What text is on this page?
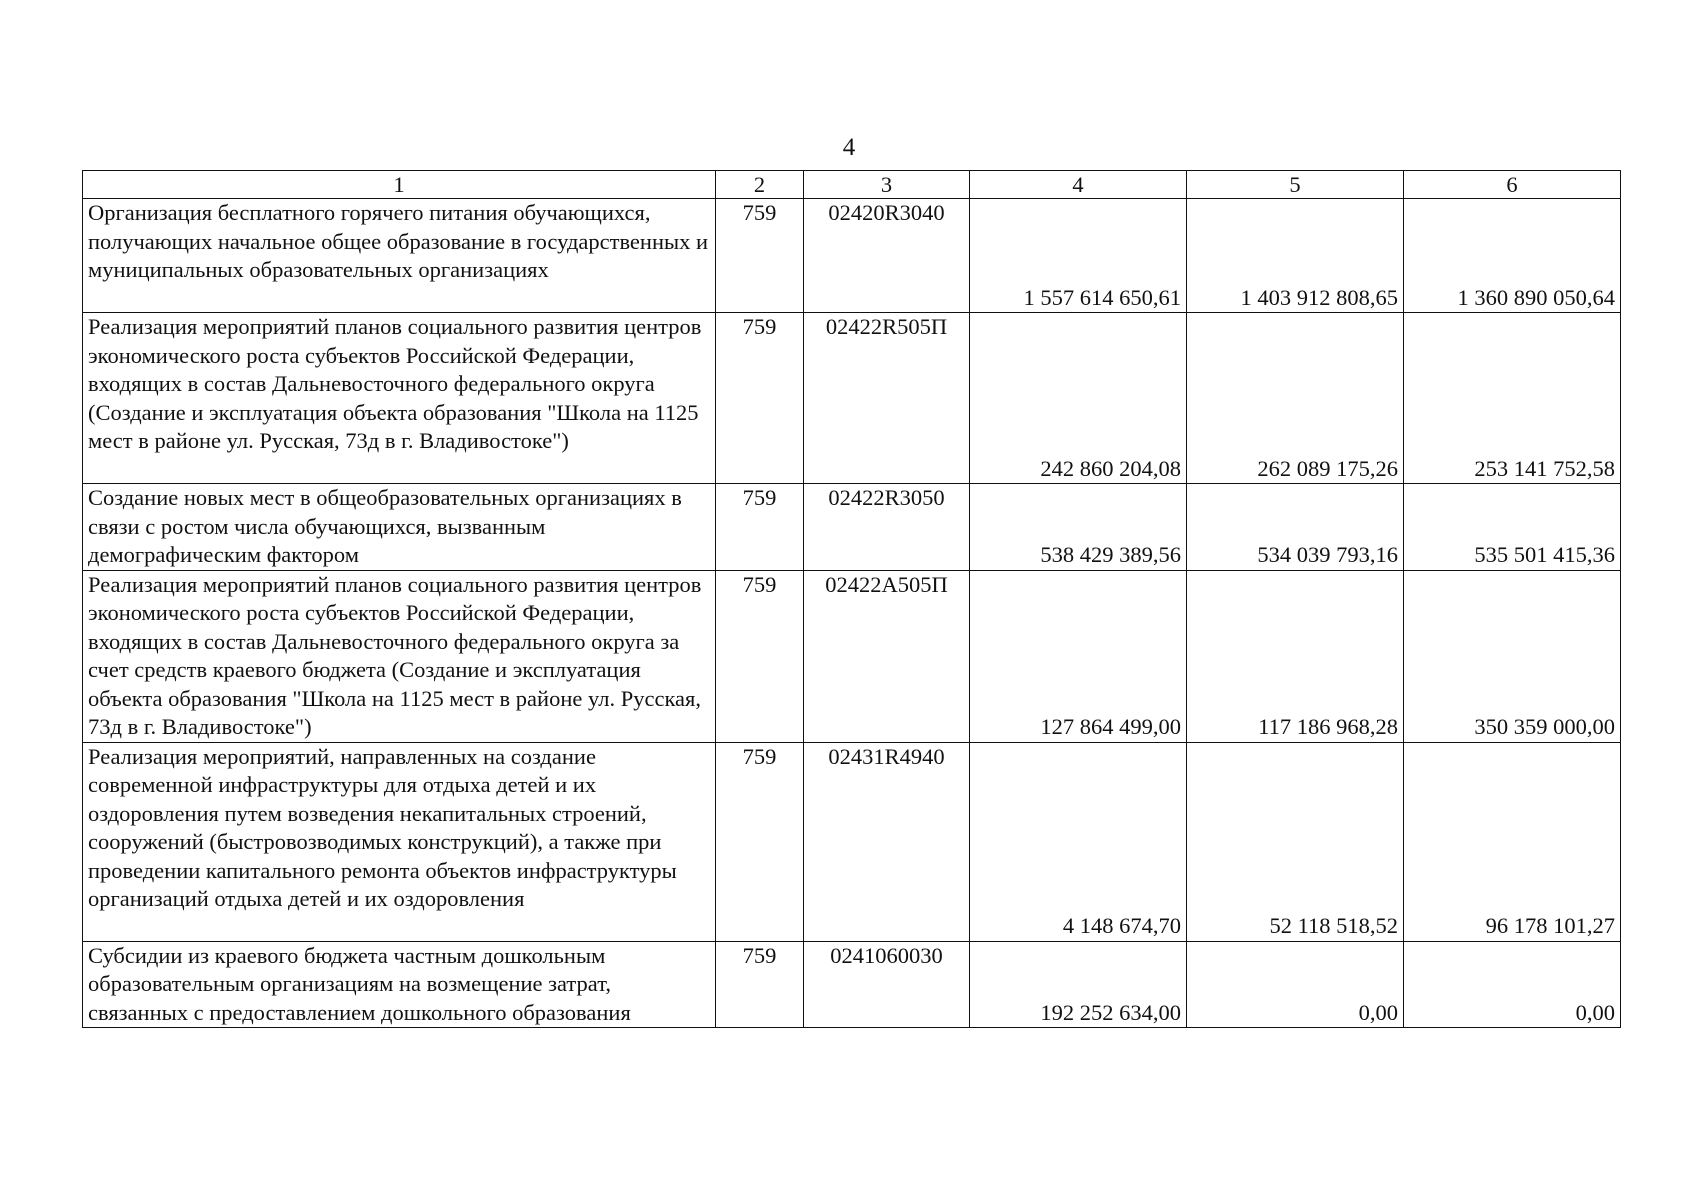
4
1	2	3	4	5	6
Организация бесплатного горячего питания обучающихся, получающих начальное общее образование в государственных и муниципальных образовательных организациях	759	02420R3040	1 557 614 650,61	1 403 912 808,65	1 360 890 050,64
Реализация мероприятий планов социального развития центров экономического роста субъектов Российской Федерации, входящих в состав Дальневосточного федерального округа (Создание и эксплуатация объекта образования "Школа на 1125 мест в районе ул. Русская, 73д в г. Владивостоке")	759	02422R505П	242 860 204,08	262 089 175,26	253 141 752,58
Создание новых мест в общеобразовательных организациях в связи с ростом числа обучающихся, вызванным демографическим фактором	759	02422R3050	538 429 389,56	534 039 793,16	535 501 415,36
Реализация мероприятий планов социального развития центров экономического роста субъектов Российской Федерации, входящих в состав Дальневосточного федерального округа за счет средств краевого бюджета (Создание и эксплуатация объекта образования "Школа на 1125 мест в районе ул. Русская, 73д в г. Владивостоке")	759	02422А505П	127 864 499,00	117 186 968,28	350 359 000,00
Реализация мероприятий, направленных на создание современной инфраструктуры для отдыха детей и их оздоровления путем возведения некапитальных строений, сооружений (быстровозводимых конструкций), а также при проведении капитального ремонта объектов инфраструктуры организаций отдыха детей и их оздоровления	759	02431R4940	4 148 674,70	52 118 518,52	96 178 101,27
Субсидии из краевого бюджета частным дошкольным образовательным организациям на возмещение затрат, связанных с предоставлением дошкольного образования	759	0241060030	192 252 634,00	0,00	0,00
